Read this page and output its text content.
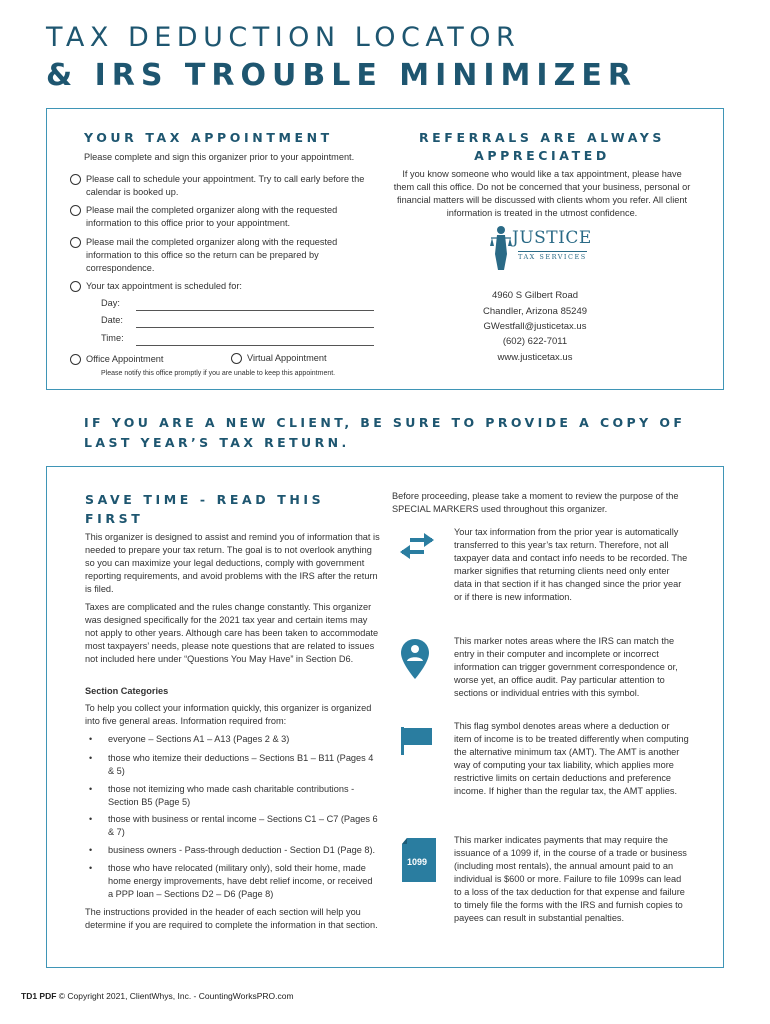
TAX DEDUCTION LOCATOR
& IRS TROUBLE MINIMIZER
YOUR TAX APPOINTMENT
Please complete and sign this organizer prior to your appointment.
Please call to schedule your appointment. Try to call early before the calendar is booked up.
Please mail the completed organizer along with the requested information to this office prior to your appointment.
Please mail the completed organizer along with the requested information to this office so the return can be prepared by correspondence.
Your tax appointment is scheduled for:
Day:
Date:
Time:
Office Appointment	Virtual Appointment
Please notify this office promptly if you are unable to keep this appointment.
REFERRALS ARE ALWAYS
APPRECIATED
If you know someone who would like a tax appointment, please have them call this office. Do not be concerned that your business, personal or financial matters will be discussed with clients whom you refer. All client information is treated in the utmost confidence.
JUSTICE
TAX SERVICES
4960 S Gilbert Road
Chandler, Arizona 85249
GWestfall@justicetax.us
(602) 622-7011
www.justicetax.us
IF YOU ARE A NEW CLIENT, BE SURE TO PROVIDE A COPY OF
LAST YEAR’S TAX RETURN.
SAVE TIME - READ THIS
FIRST
This organizer is designed to assist and remind you of information that is needed to prepare your tax return. The goal is to not overlook anything so you can maximize your legal deductions, comply with government reporting requirements, and avoid problems with the IRS after the return is filed.
Taxes are complicated and the rules change constantly. This organizer was designed specifically for the 2021 tax year and certain items may not apply to other years. Although care has been taken to accommodate most taxpayers’ needs, please note questions that are related to issues not included here under “Questions You May Have” in Section D6.
Section Categories
To help you collect your information quickly, this organizer is organized into five general areas. Information required from:
•	everyone – Sections A1 – A13 (Pages 2 & 3)
•	those who itemize their deductions – Sections B1 – B11 (Pages 4 & 5)
•	those not itemizing who made cash charitable contributions - Section B5 (Page 5)
•	those with business or rental income – Sections C1 – C7 (Pages 6 & 7)
•	business owners - Pass-through deduction - Section D1 (Page 8).
•	those who have relocated (military only), sold their home, made home energy improvements, have debt relief income, or received a PPP loan – Sections D2 – D6 (Page 8)
The instructions provided in the header of each section will help you determine if you are required to complete the information in that section.
Before proceeding, please take a moment to review the purpose of the SPECIAL MARKERS used throughout this organizer.
Your tax information from the prior year is automatically transferred to this year’s tax return. Therefore, not all taxpayer data and contact info needs to be recorded. The marker signifies that returning clients need only enter data in that section if it has changed since the prior year or if there is new information.
This marker notes areas where the IRS can match the entry in their computer and incomplete or incorrect information can trigger government correspondence or, worse yet, an office audit. Pay particular attention to sections or individual entries with this symbol.
This flag symbol denotes areas where a deduction or item of income is to be treated differently when computing the alternative minimum tax (AMT). The AMT is another way of computing your tax liability, which applies more restrictive limits on certain deductions and preference income. If higher than the regular tax, the AMT applies.
1099
This marker indicates payments that may require the issuance of a 1099 if, in the course of a trade or business (including most rentals), the annual amount paid to an individual is $600 or more. Failure to file 1099s can lead to a loss of the tax deduction for that expense and failure to timely file the forms with the IRS and furnish copies to payees can result in substantial penalties.
TD1 PDF © Copyright 2021, ClientWhys, Inc. - CountingWorksPRO.com
